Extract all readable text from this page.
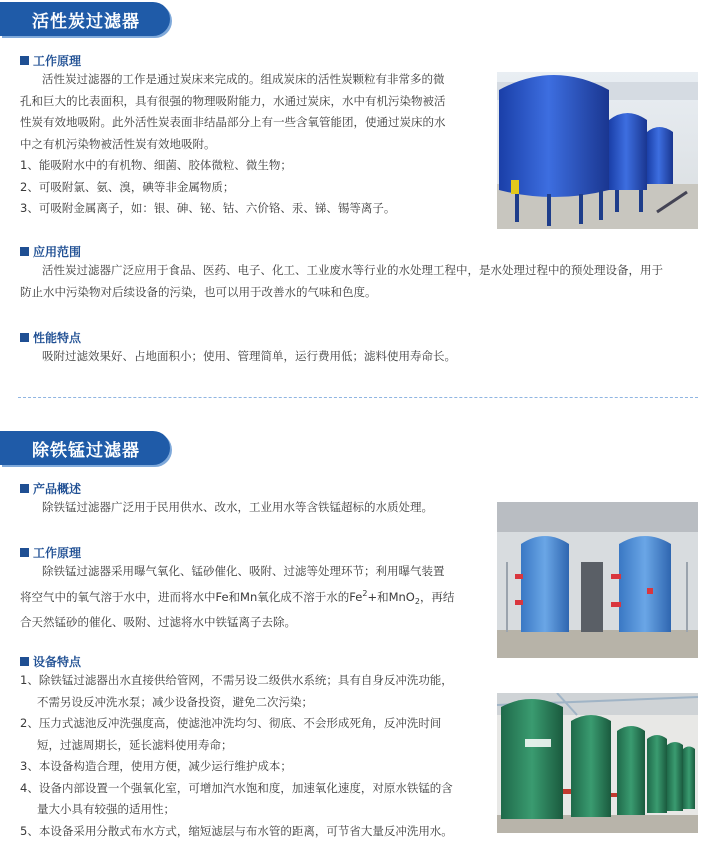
活性炭过滤器
工作原理
活性炭过滤器的工作是通过炭床来完成的。组成炭床的活性炭颗粒有非常多的微
孔和巨大的比表面积，具有很强的物理吸附能力，水通过炭床，水中有机污染物被活
性炭有效地吸附。此外活性炭表面非结晶部分上有一些含氧管能团，使通过炭床的水
中之有机污染物被活性炭有效地吸附。
1、能吸附水中的有机物、细菌、胶体微粒、微生物；
2、可吸附氯、氨、溴，碘等非金属物质；
3、可吸附金属离子，如：银、砷、铋、钴、六价铬、汞、锑、锡等离子。
应用范围
活性炭过滤器广泛应用于食品、医药、电子、化工、工业废水等行业的水处理工程中，是水处理过程中的预处理设备，用于
防止水中污染物对后续设备的污染，也可以用于改善水的气味和色度。
性能特点
吸附过滤效果好、占地面积小；使用、管理简单，运行费用低；滤料使用寿命长。
除铁锰过滤器
产品概述
除铁锰过滤器广泛用于民用供水、改水，工业用水等含铁锰超标的水质处理。
工作原理
除铁锰过滤器采用曝气氧化、锰砂催化、吸附、过滤等处理环节；利用曝气装置
将空气中的氧气溶于水中，进而将水中Fe和Mn氧化成不溶于水的$Fe^2+$和MnO$_2$，再结
合天然锰砂的催化、吸附、过滤将水中铁锰离子去除。
设备特点
1、除铁锰过滤器出水直接供给管网，不需另设二级供水系统；具有自身反冲洗功能，
不需另设反冲洗水泵；减少设备投资，避免二次污染；
2、压力式滤池反冲洗强度高，使滤池冲洗均匀、彻底、不会形成死角，反冲洗时间
短，过滤周期长，延长滤料使用寿命；
3、本设备构造合理，使用方便，减少运行维护成本；
4、设备内部设置一个强氧化室，可增加汽水饱和度，加速氧化速度，对原水铁锰的含
量大小具有较强的适用性；
5、本设备采用分散式布水方式，缩短滤层与布水管的距离，可节省大量反冲洗用水。
